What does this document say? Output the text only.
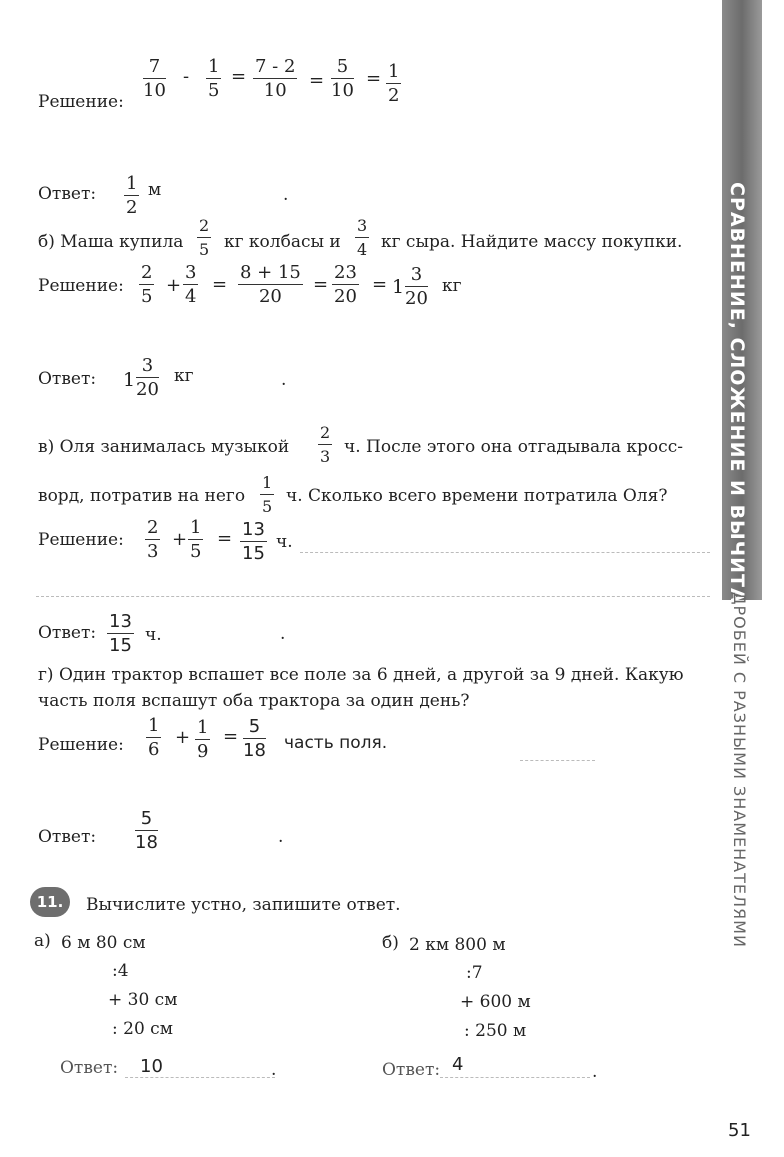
$\frac{7}{10} - \frac{1}{5} = \frac{7 - 2}{10} = \frac{5}{10} = \frac{1}{2}$
Решение:
Ответ: $\frac{1}{2}$ м	.
б) Маша купила $\frac{2}{5}$ кг колбасы и $\frac{3}{4}$ кг сыра. Найдите массу покупки.
Решение: $\frac{2}{5} + \frac{3}{4} = \frac{8 + 15}{20} = \frac{23}{20} = 1 \frac{3}{20}$ кг
Ответ: $1 \frac{3}{20}$ кг	.
в) Оля занималась музыкой $\frac{2}{3} ч$. После этого она отгадывала кросс-
ворд, потратив на него $\frac{1}{5} ч$. Сколько всего времени потратила Оля?
Решение: $\frac{2}{3} + \frac{1}{5} = \frac{13}{15} ч$.
Ответ: $\frac{13}{15} ч$.	.
г) Один трактор вспашет все поле за 6 дней, а другой за 9 дней. Какую
часть поля вспашут оба трактора за один день?
Решение: $\frac{1}{6} + \frac{1}{9} = \frac{5}{18}$ часть поля.
Ответ: $\frac{5}{18}$	.
11.	Вычислите устно, запишите ответ.
а) 6 м 80 см
:4
+ 30 см
: 20 см
Ответ: 10	.
б) 2 км 800 м
:7
+ 600 м
: 250 м
Ответ: 4	.
СРАВНЕНИЕ, СЛОЖЕНИЕ И ВЫЧИТАНИЕ
ДРОБЕЙ С РАЗНЫМИ ЗНАМЕНАТЕЛЯМИ
51
